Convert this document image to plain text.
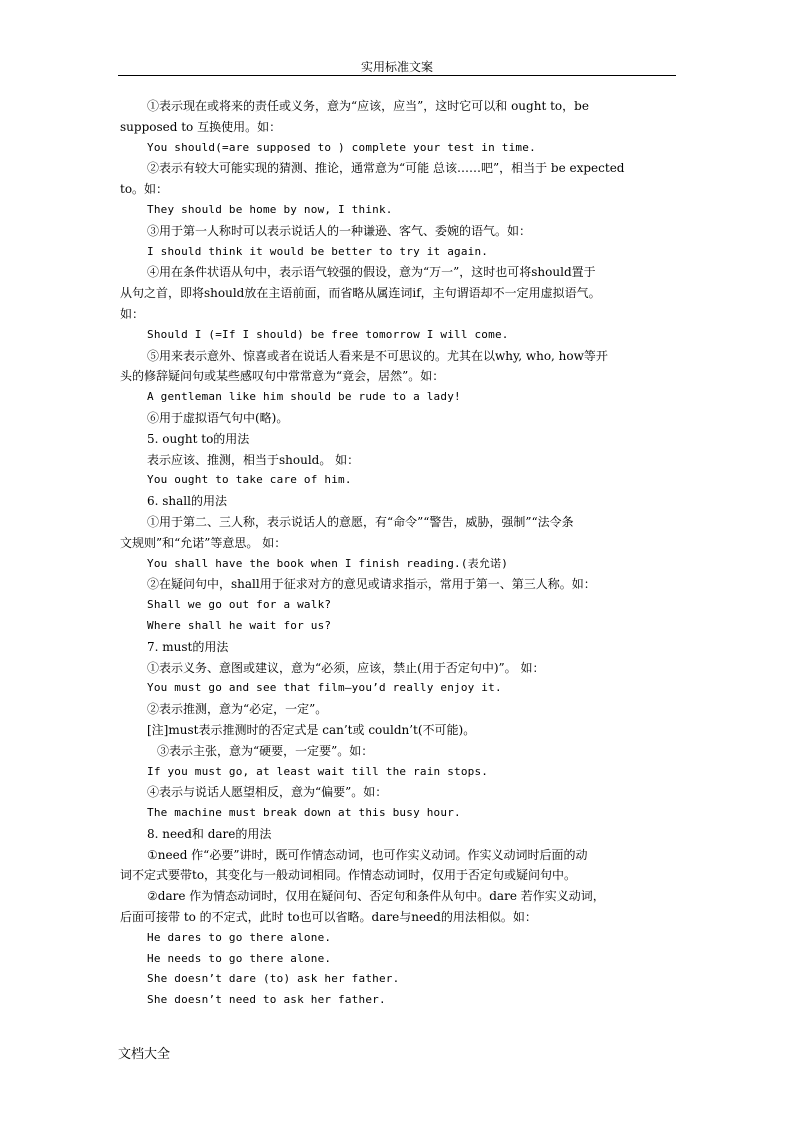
实用标准文案
①表示现在或将来的责任或义务，意为“应该，应当”，这时它可以和 ought to，be
supposed to 互换使用。如：
You should(=are supposed to ) complete your test in time.
②表示有较大可能实现的猜测、推论，通常意为“可能 总该……吧”，相当于 be expected
to。如：
They should be home by now, I think.
③用于第一人称时可以表示说话人的一种谦逊、客气、委婉的语气。如：
I should think it would be better to try it again.
④用在条件状语从句中，表示语气较强的假设，意为“万一”，这时也可将should置于
从句之首，即将should放在主语前面，而省略从属连词if，主句谓语却不一定用虚拟语气。
如：
Should I (=If I should) be free tomorrow I will come.
⑤用来表示意外、惊喜或者在说话人看来是不可思议的。尤其在以why, who, how等开
头的修辞疑问句或某些感叹句中常常意为“竟会，居然”。如：
A gentleman like him should be rude to a lady!
⑥用于虚拟语气句中(略)。
5. ought to的用法
表示应该、推测，相当于should。 如：
You ought to take care of him.
6. shall的用法
①用于第二、三人称，表示说话人的意愿，有“命令”“警告，威胁，强制”“法令条
文规则”和“允诺”等意思。 如：
You shall have the book when I finish reading.(表允诺)
②在疑问句中，shall用于征求对方的意见或请求指示，常用于第一、第三人称。如：
Shall we go out for a walk?
Where shall he wait for us?
7. must的用法
①表示义务、意图或建议，意为“必须，应该，禁止(用于否定句中)”。 如：
You must go and see that film—you’d really enjoy it.
②表示推测，意为“必定，一定”。
[注]must表示推测时的否定式是 can’t或 couldn’t(不可能)。
③表示主张，意为“硬要，一定要”。如：
If you must go, at least wait till the rain stops.
④表示与说话人愿望相反，意为“偏要”。如：
The machine must break down at this busy hour.
8. need和 dare的用法
①need 作“必要”讲时，既可作情态动词，也可作实义动词。作实义动词时后面的动
词不定式要带to，其变化与一般动词相同。作情态动词时，仅用于否定句或疑问句中。
②dare 作为情态动词时，仅用在疑问句、否定句和条件从句中。dare 若作实义动词，
后面可接带 to 的不定式，此时 to也可以省略。dare与need的用法相似。如：
He dares to go there alone.
He needs to go there alone.
She doesn’t dare (to) ask her father.
She doesn’t need to ask her father.
文档大全
